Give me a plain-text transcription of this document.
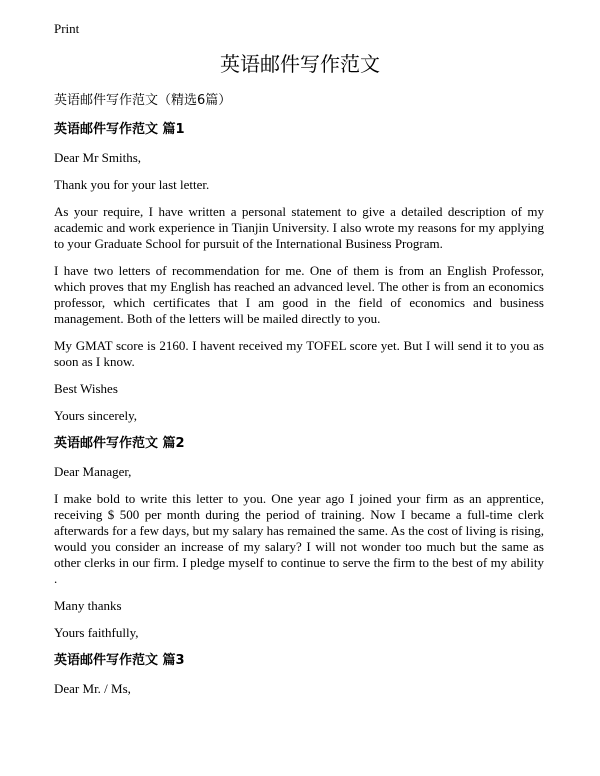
Print
英语邮件写作范文
英语邮件写作范文（精选6篇）
英语邮件写作范文 篇1

Dear Mr Smiths,

Thank you for your last letter.

As your require, I have written a personal statement to give a detailed description of my academic and work experience in Tianjin University. I also wrote my reasons for my applying to your Graduate School for pursuit of the International Business Program.

I have two letters of recommendation for me. One of them is from an English Professor, which proves that my English has reached an advanced level. The other is from an economics professor, which certificates that I am good in the field of economics and business management. Both of the letters will be mailed directly to you.

My GMAT score is 2160. I havent received my TOFEL score yet. But I will send it to you as soon as I know.

Best Wishes

Yours sincerely,

英语邮件写作范文 篇2

Dear Manager,

I make bold to write this letter to you. One year ago I joined your firm as an apprentice, receiving $ 500 per month during the period of training. Now I became a full-time clerk afterwards for a few days, but my salary has remained the same. As the cost of living is rising, would you consider an increase of my salary? I will not wonder too much but the same as other clerks in our firm. I pledge myself to continue to serve the firm to the best of my ability .

Many thanks

Yours faithfully,

英语邮件写作范文 篇3

Dear Mr. / Ms,
